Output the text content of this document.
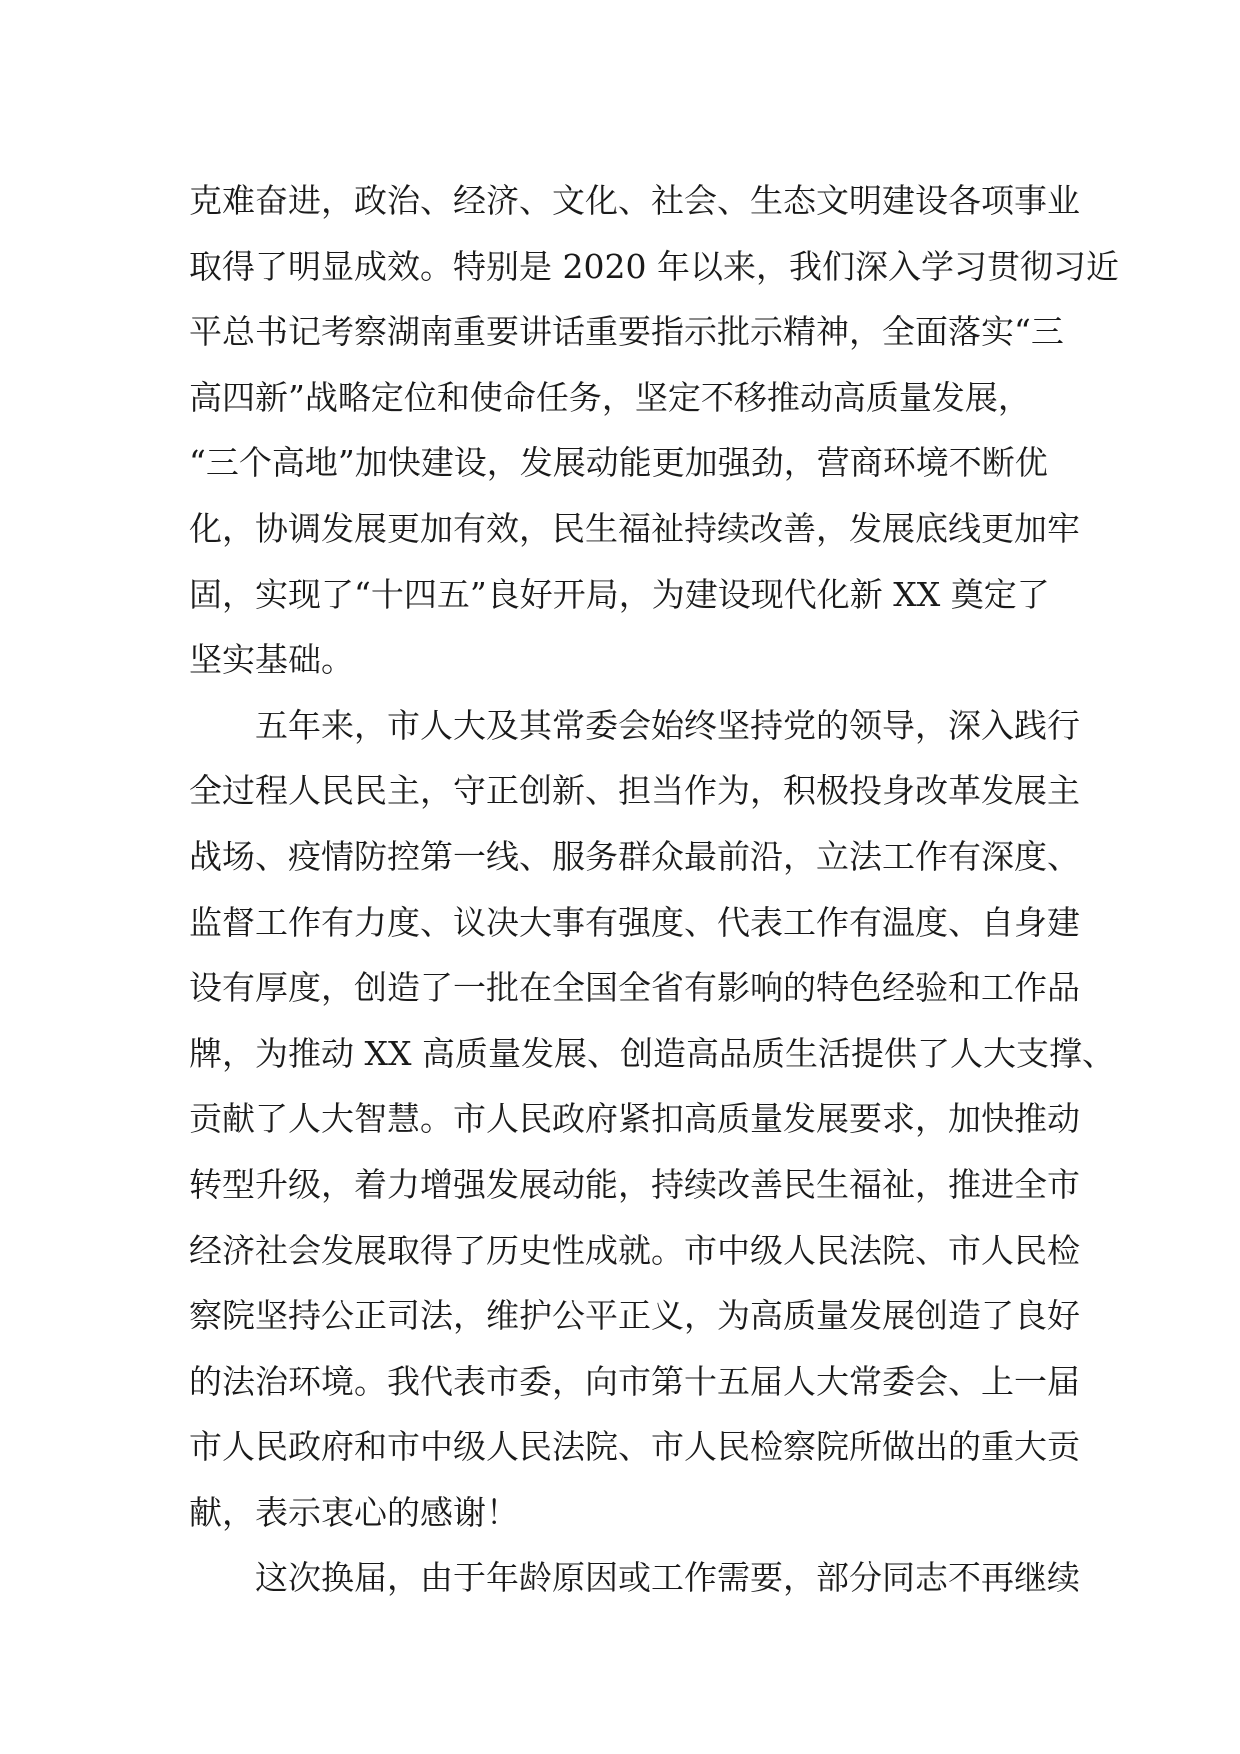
克难奋进，政治、经济、文化、社会、生态文明建设各项事业
取得了明显成效。特别是 2020 年以来，我们深入学习贯彻习近
平总书记考察湖南重要讲话重要指示批示精神，全面落实“三
高四新”战略定位和使命任务，坚定不移推动高质量发展，
“三个高地”加快建设，发展动能更加强劲，营商环境不断优
化，协调发展更加有效，民生福祉持续改善，发展底线更加牢
固，实现了“十四五”良好开局，为建设现代化新 XX 奠定了
坚实基础。
五年来，市人大及其常委会始终坚持党的领导，深入践行
全过程人民民主，守正创新、担当作为，积极投身改革发展主
战场、疫情防控第一线、服务群众最前沿，立法工作有深度、
监督工作有力度、议决大事有强度、代表工作有温度、自身建
设有厚度，创造了一批在全国全省有影响的特色经验和工作品
牌，为推动 XX 高质量发展、创造高品质生活提供了人大支撑、
贡献了人大智慧。市人民政府紧扣高质量发展要求，加快推动
转型升级，着力增强发展动能，持续改善民生福祉，推进全市
经济社会发展取得了历史性成就。市中级人民法院、市人民检
察院坚持公正司法，维护公平正义，为高质量发展创造了良好
的法治环境。我代表市委，向市第十五届人大常委会、上一届
市人民政府和市中级人民法院、市人民检察院所做出的重大贡
献，表示衷心的感谢！
这次换届，由于年龄原因或工作需要，部分同志不再继续
